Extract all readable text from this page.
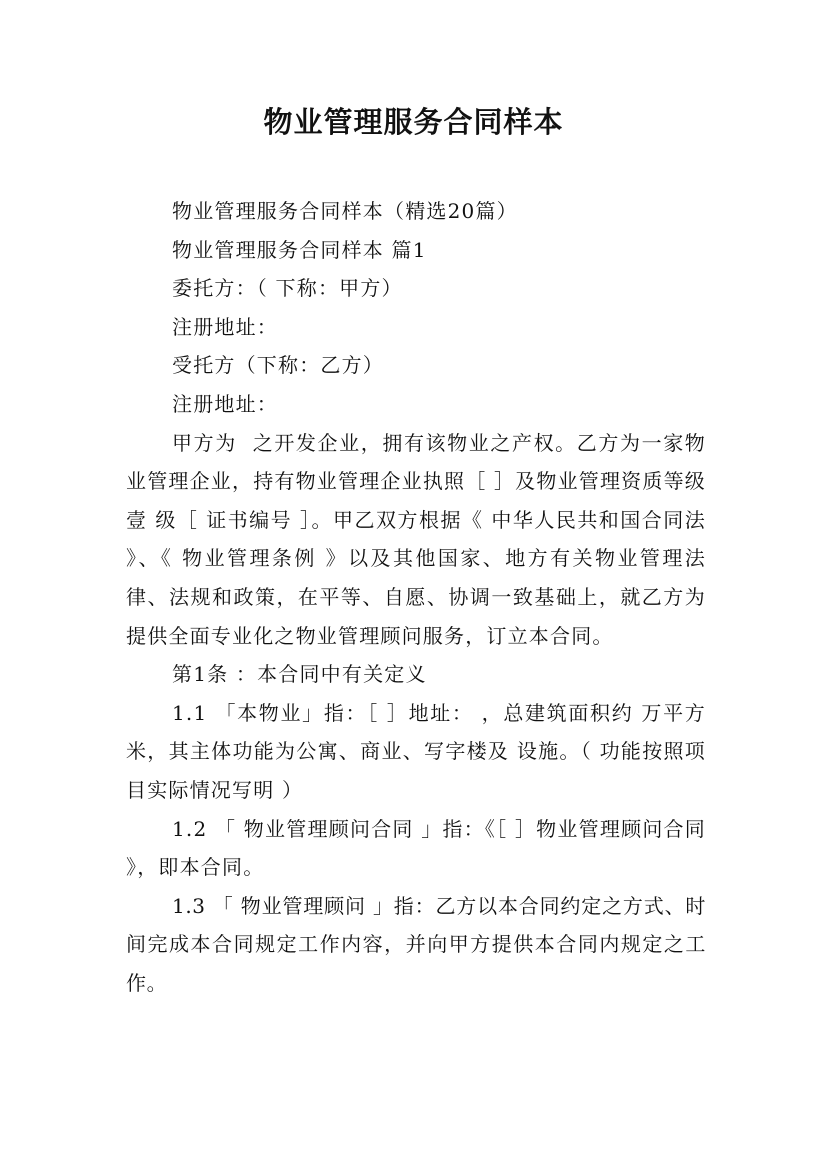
物业管理服务合同样本

物业管理服务合同样本（精选20篇）

物业管理服务合同样本 篇1

委托方：（ 下称：甲方）

注册地址：

受托方（下称：乙方）

注册地址：

甲方为  之开发企业，拥有该物业之产权。乙方为一家物业管理企业，持有物业管理企业执照［ ］及物业管理资质等级 壹 级［ 证书编号 ］。甲乙双方根据《 中华人民共和国合同法 》、《 物业管理条例 》以及其他国家、地方有关物业管理法律、法规和政策，在平等、自愿、协调一致基础上，就乙方为  提供全面专业化之物业管理顾问服务，订立本合同。

第1条 ：本合同中有关定义

1.1 「本物业」指：［ ］地址： ，总建筑面积约 万平方米，其主体功能为公寓、商业、写字楼及 设施。（ 功能按照项目实际情况写明 ）

1.2 「 物业管理顾问合同 」指：《［ ］物业管理顾问合同 》，即本合同。

1.3 「 物业管理顾问 」指：乙方以本合同约定之方式、时间完成本合同规定工作内容，并向甲方提供本合同内规定之工作。
